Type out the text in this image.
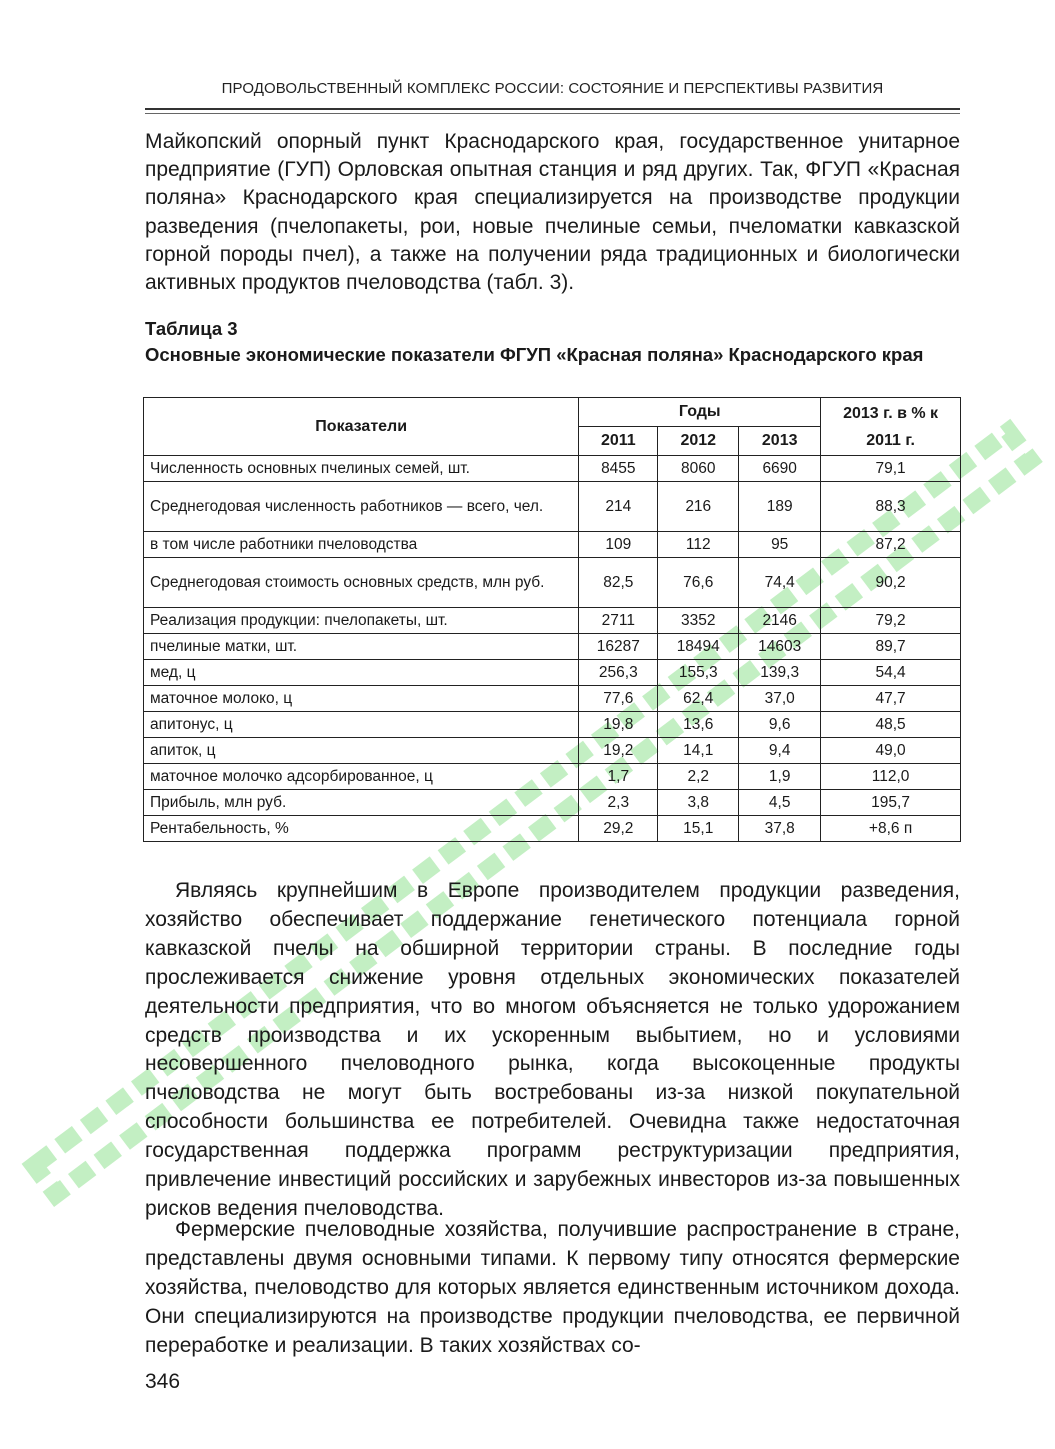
ПРОДОВОЛЬСТВЕННЫЙ КОМПЛЕКС РОССИИ: СОСТОЯНИЕ И ПЕРСПЕКТИВЫ РАЗВИТИЯ

Майкопский опорный пункт Краснодарского края, государственное унитарное предприятие (ГУП) Орловская опытная станция и ряд других. Так, ФГУП «Красная поляна» Краснодарского края специализируется на производстве продукции разведения (пчелопакеты, рои, новые пчелиные семьи, пчеломатки кавказской горной породы пчел), а также на получении ряда традиционных и биологически активных продуктов пчеловодства (табл. 3).

Таблица 3
Основные экономические показатели ФГУП «Красная поляна» Краснодарского края
Показатели	Годы			2013 г. в % к 2011 г.
	2011	2012	2013	
Численность основных пчелиных семей, шт.	8455	8060	6690	79,1
Среднегодовая численность работников — всего, чел.	214	216	189	88,3
в том числе работники пчеловодства	109	112	95	87,2
Среднегодовая стоимость основных средств, млн руб.	82,5	76,6	74,4	90,2
Реализация продукции: пчелопакеты, шт.	2711	3352	2146	79,2
пчелиные матки, шт.	16287	18494	14603	89,7
мед, ц	256,3	155,3	139,3	54,4
маточное молоко, ц	77,6	62,4	37,0	47,7
апитонус, ц	19,8	13,6	9,6	48,5
апиток, ц	19,2	14,1	9,4	49,0
маточное молочко адсорбированное, ц	1,7	2,2	1,9	112,0
Прибыль, млн руб.	2,3	3,8	4,5	195,7
Рентабельность, %	29,2	15,1	37,8	+8,6 п

Являясь крупнейшим в Европе производителем продукции разведения, хозяйство обеспечивает поддержание генетического потенциала горной кавказской пчелы на обширной территории страны. В последние годы прослеживается снижение уровня отдельных экономических показателей деятельности предприятия, что во многом объясняется не только удорожанием средств производства и их ускоренным выбытием, но и условиями несовершенного пчеловодного рынка, когда высокоценные продукты пчеловодства не могут быть востребованы из-за низкой покупательной способности большинства ее потребителей. Очевидна также недостаточная государственная поддержка программ реструктуризации предприятия, привлечение инвестиций российских и зарубежных инвесторов из-за повышенных рисков ведения пчеловодства.

Фермерские пчеловодные хозяйства, получившие распространение в стране, представлены двумя основными типами. К первому типу относятся фермерские хозяйства, пчеловодство для которых является единственным источником дохода. Они специализируются на производстве продукции пчеловодства, ее первичной переработке и реализации. В таких хозяйствах со-

346
